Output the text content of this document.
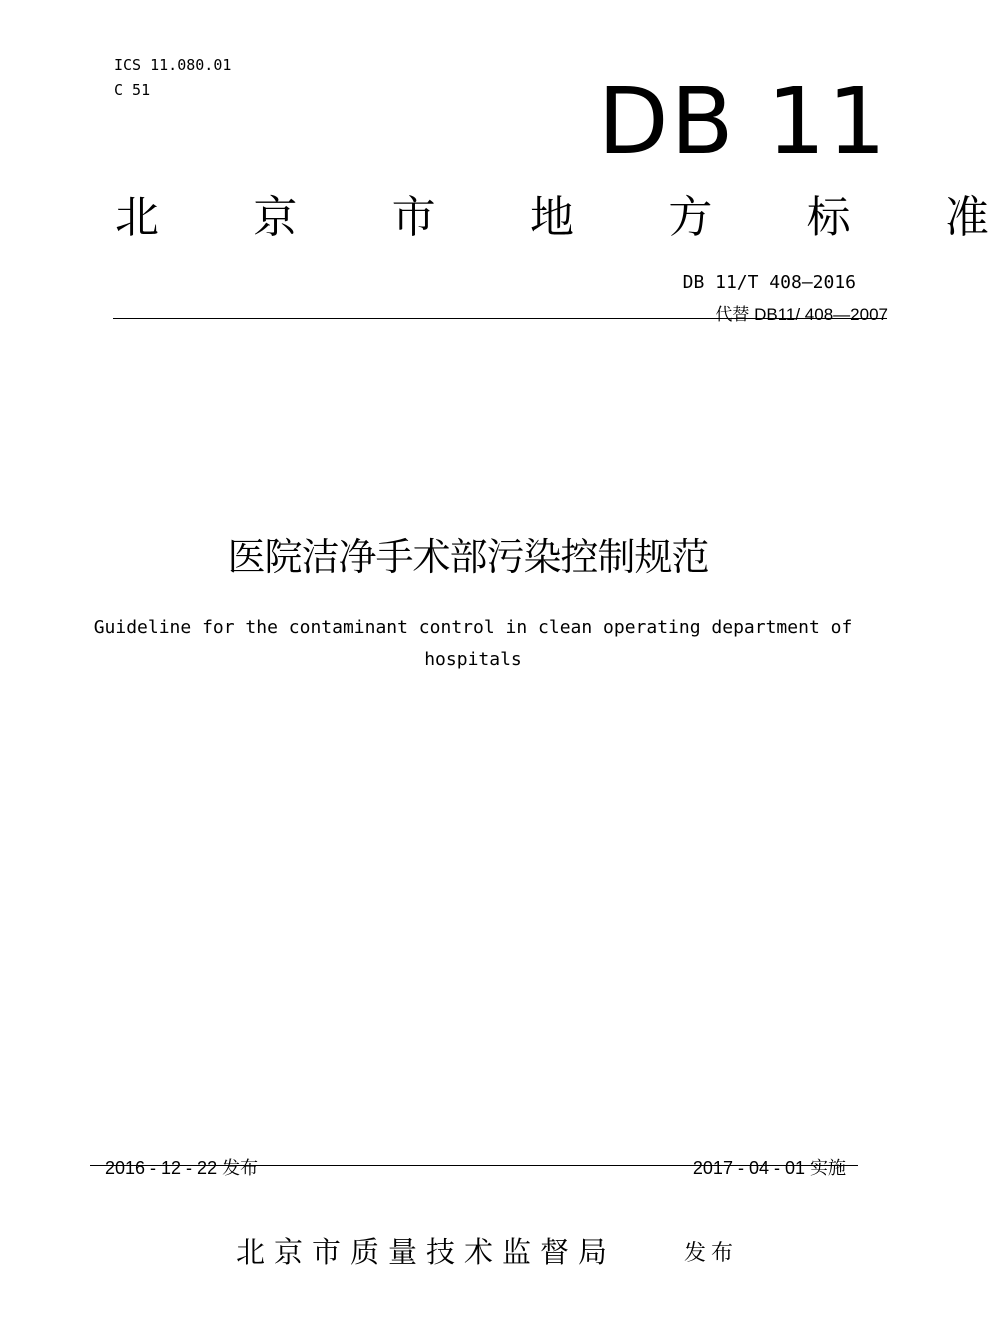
ICS 11.080.01
C 51	DB 11
北 京 市 地 方 标 准
DB 11/T 408—2016
代替 DB11/ 408—2007
医院洁净手术部污染控制规范
Guideline for the contaminant control in clean operating department of hospitals
2016 - 12 - 22 发布	2017 - 04 - 01 实施
北京市质量技术监督局	发布
